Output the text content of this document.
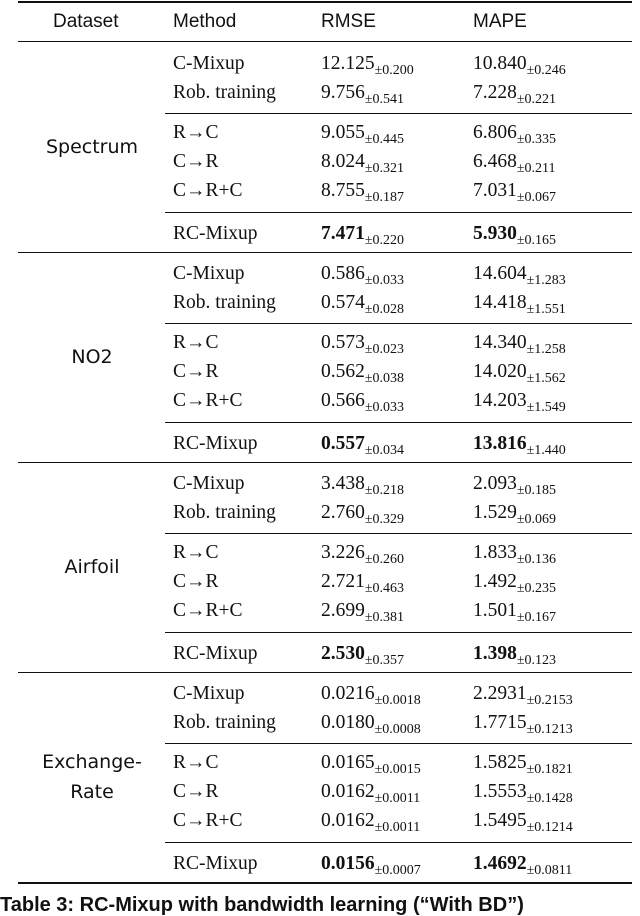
Dataset	Method	RMSE	MAPE
Spectrum
C-Mixup	$12.125_{\pm 0.200}$	$10.840_{\pm 0.246}$
Rob. training $9.756_{\pm 0.541}$	$7.228_{\pm 0.221}$
R→C	$9.055_{\pm 0.445}$	$6.806_{\pm 0.335}$
C→R	$8.024_{\pm 0.321}$	$6.468_{\pm 0.211}$
C→R+C	$8.755_{\pm 0.187}$	$7.031_{\pm 0.067}$
RC-Mixup	$7.471_{\pm 0.220}$	$5.930_{\pm 0.165}$
NO2
C-Mixup	$0.586_{\pm 0.033}$	$14.604_{\pm 1.283}$
Rob. training $0.574_{\pm 0.028}$	$14.418_{\pm 1.551}$
R→C	$0.573_{\pm 0.023}$	$14.340_{\pm 1.258}$
C→R	$0.562_{\pm 0.038}$	$14.020_{\pm 1.562}$
C→R+C	$0.566_{\pm 0.033}$	$14.203_{\pm 1.549}$
RC-Mixup	$0.557_{\pm 0.034}$	$13.816_{\pm 1.440}$
Airfoil
C-Mixup	$3.438_{\pm 0.218}$	$2.093_{\pm 0.185}$
Rob. training $2.760_{\pm 0.329}$	$1.529_{\pm 0.069}$
R→C	$3.226_{\pm 0.260}$	$1.833_{\pm 0.136}$
C→R	$2.721_{\pm 0.463}$	$1.492_{\pm 0.235}$
C→R+C	$2.699_{\pm 0.381}$	$1.501_{\pm 0.167}$
RC-Mixup	$2.530_{\pm 0.357}$	$1.398_{\pm 0.123}$
Exchange-
Rate
C-Mixup	$0.0216_{\pm 0.0018}$	$2.2931_{\pm 0.2153}$
Rob. training $0.0180_{\pm 0.0008}$	$1.7715_{\pm 0.1213}$
R→C	$0.0165_{\pm 0.0015}$	$1.5825_{\pm 0.1821}$
C→R	$0.0162_{\pm 0.0011}$	$1.5553_{\pm 0.1428}$
C→R+C	$0.0162_{\pm 0.0011}$	$1.5495_{\pm 0.1214}$
RC-Mixup	$0.0156_{\pm 0.0007}$	$1.4692_{\pm 0.0811}$
Table 3: RC-Mixup with bandwidth learning (“With BD”)
